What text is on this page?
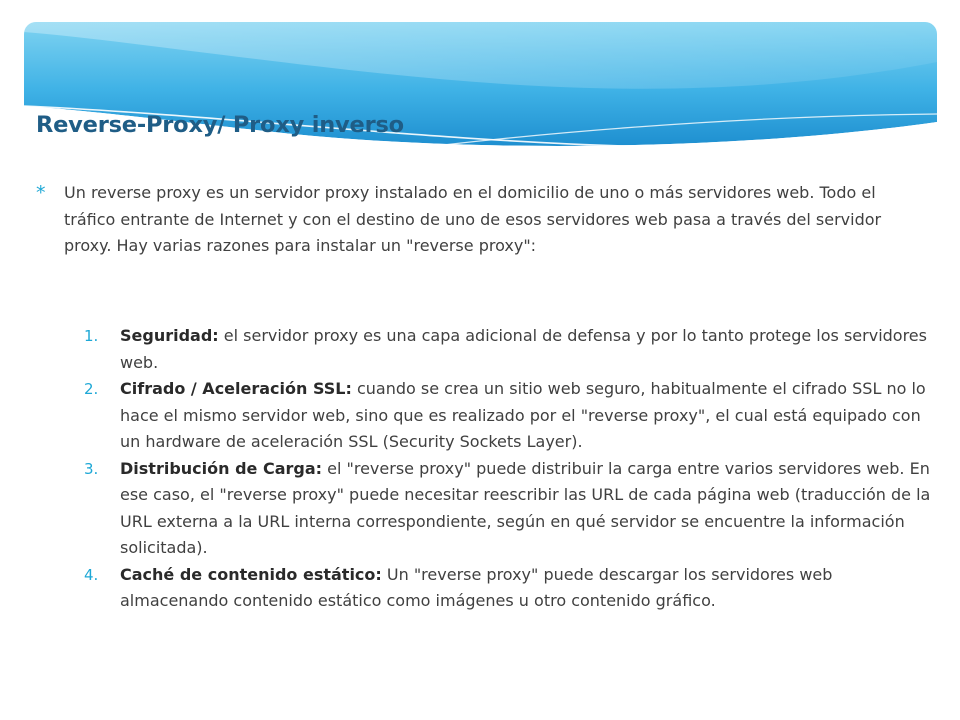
Reverse-Proxy/ Proxy inverso
* Un reverse proxy es un servidor proxy instalado en el domicilio de uno o más servidores web. Todo el tráfico entrante de Internet y con el destino de uno de esos servidores web pasa a través del servidor proxy. Hay varias razones para instalar un "reverse proxy":

1. Seguridad: el servidor proxy es una capa adicional de defensa y por lo tanto protege los servidores web.
2. Cifrado / Aceleración SSL: cuando se crea un sitio web seguro, habitualmente el cifrado SSL no lo hace el mismo servidor web, sino que es realizado por el "reverse proxy", el cual está equipado con un hardware de aceleración SSL (Security Sockets Layer).
3. Distribución de Carga: el "reverse proxy" puede distribuir la carga entre varios servidores web. En ese caso, el "reverse proxy" puede necesitar reescribir las URL de cada página web (traducción de la URL externa a la URL interna correspondiente, según en qué servidor se encuentre la información solicitada).
4. Caché de contenido estático: Un "reverse proxy" puede descargar los servidores web almacenando contenido estático como imágenes u otro contenido gráfico.
